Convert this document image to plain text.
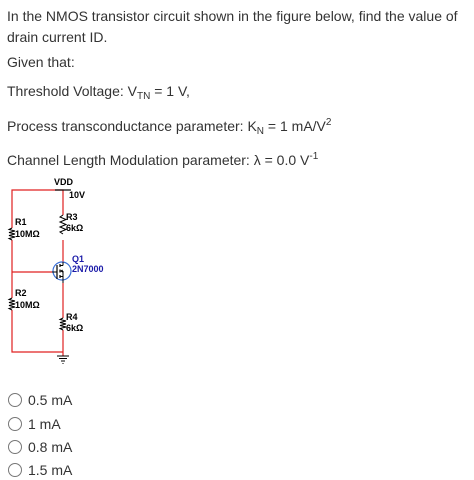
In the NMOS transistor circuit shown in the figure below, find the value of drain current ID.
Given that:
Threshold Voltage: $V_{TN} = 1$ V,
Process transconductance parameter: $K_N = 1$ $mA/V^2$
Channel Length Modulation parameter: λ = 0.0 $V^{-1}$
VDD
10V
R1
10MΩ
R3
6kΩ
Q1
2N7000
R2
10MΩ
R4
6kΩ
0.5 mA
1 mA
0.8 mA
1.5 mA
